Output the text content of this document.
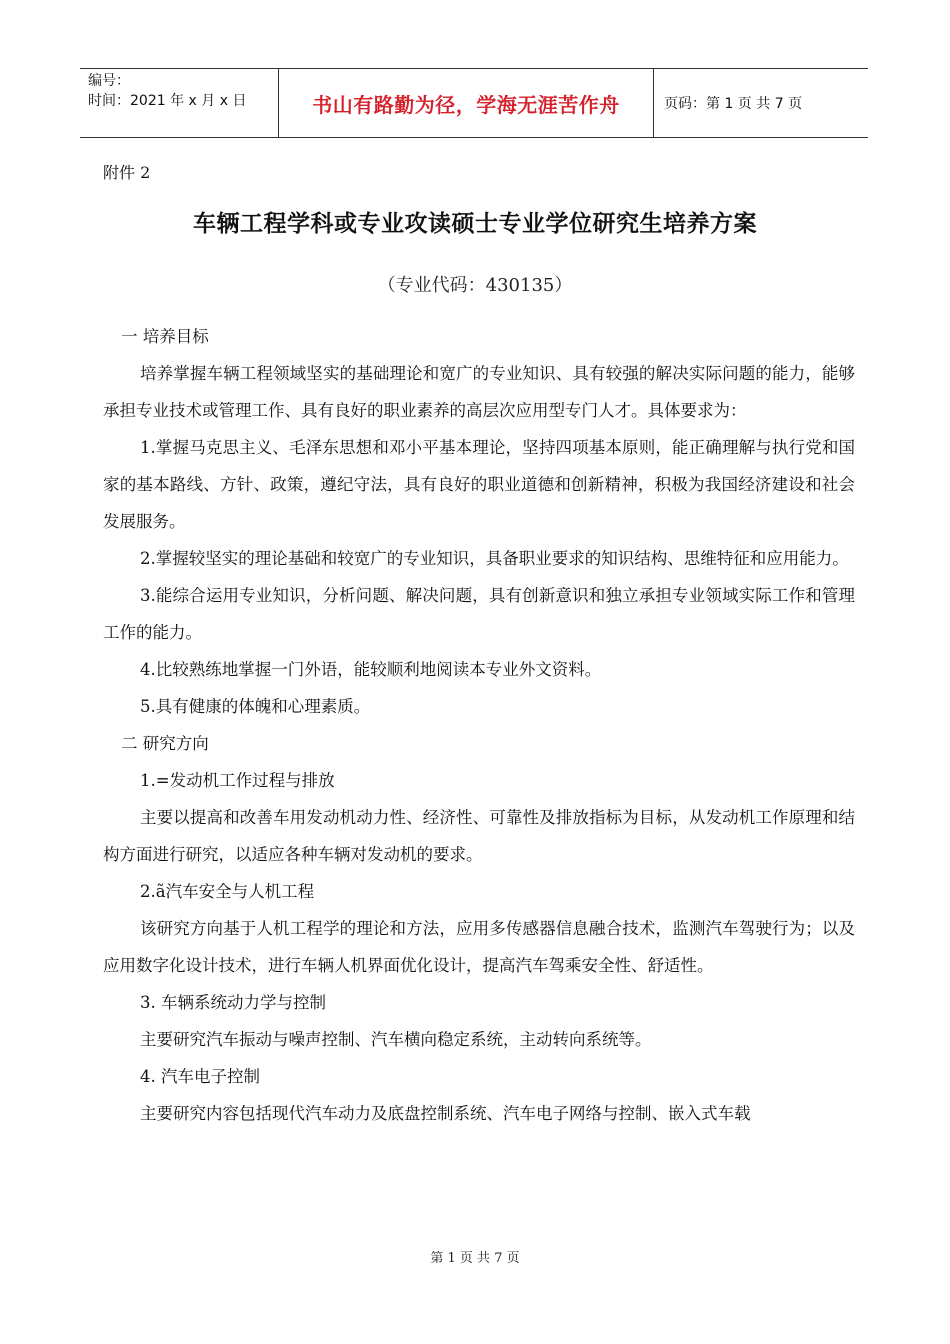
编号：
时间：2021 年 x 月 x 日	书山有路勤为径，学海无涯苦作舟	页码：第 1 页 共 7 页
附件 2
车辆工程学科或专业攻读硕士专业学位研究生培养方案
（专业代码：430135）

一 培养目标

培养掌握车辆工程领域坚实的基础理论和宽广的专业知识、具有较强的解决实际问题的能力，能够承担专业技术或管理工作、具有良好的职业素养的高层次应用型专门人才。具体要求为：

1.掌握马克思主义、毛泽东思想和邓小平基本理论，坚持四项基本原则，能正确理解与执行党和国家的基本路线、方针、政策，遵纪守法，具有良好的职业道德和创新精神，积极为我国经济建设和社会发展服务。

2.掌握较坚实的理论基础和较宽广的专业知识，具备职业要求的知识结构、思维特征和应用能力。

3.能综合运用专业知识，分析问题、解决问题，具有创新意识和独立承担专业领域实际工作和管理工作的能力。

4.比较熟练地掌握一门外语，能较顺利地阅读本专业外文资料。

5.具有健康的体魄和心理素质。

二 研究方向

1.=发动机工作过程与排放

主要以提高和改善车用发动机动力性、经济性、可靠性及排放指标为目标，从发动机工作原理和结构方面进行研究，以适应各种车辆对发动机的要求。

2.ã汽车安全与人机工程

该研究方向基于人机工程学的理论和方法，应用多传感器信息融合技术，监测汽车驾驶行为；以及应用数字化设计技术，进行车辆人机界面优化设计，提高汽车驾乘安全性、舒适性。

3. 车辆系统动力学与控制

主要研究汽车振动与噪声控制、汽车横向稳定系统，主动转向系统等。

4. 汽车电子控制

主要研究内容包括现代汽车动力及底盘控制系统、汽车电子网络与控制、嵌入式车载

第 1 页 共 7 页
